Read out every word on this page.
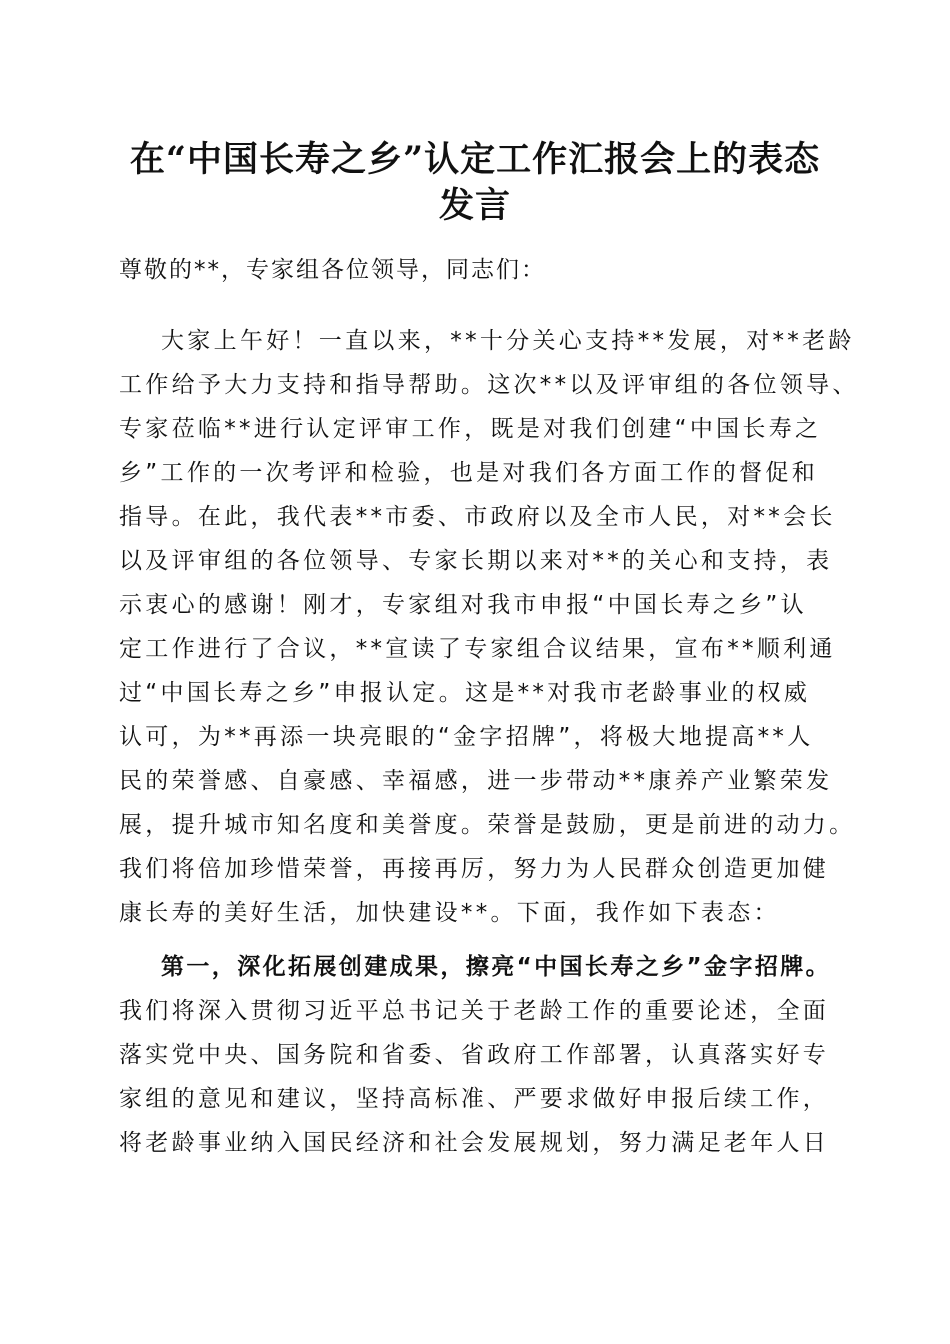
在“中国长寿之乡”认定工作汇报会上的表态
发言
尊敬的**，专家组各位领导，同志们：
大家上午好！一直以来，**十分关心支持**发展，对**老龄
工作给予大力支持和指导帮助。这次**以及评审组的各位领导、
专家莅临**进行认定评审工作，既是对我们创建“中国长寿之
乡”工作的一次考评和检验，也是对我们各方面工作的督促和
指导。在此，我代表**市委、市政府以及全市人民，对**会长
以及评审组的各位领导、专家长期以来对**的关心和支持，表
示衷心的感谢！刚才，专家组对我市申报“中国长寿之乡”认
定工作进行了合议，**宣读了专家组合议结果，宣布**顺利通
过“中国长寿之乡”申报认定。这是**对我市老龄事业的权威
认可，为**再添一块亮眼的“金字招牌”，将极大地提高**人
民的荣誉感、自豪感、幸福感，进一步带动**康养产业繁荣发
展，提升城市知名度和美誉度。荣誉是鼓励，更是前进的动力。
我们将倍加珍惜荣誉，再接再厉，努力为人民群众创造更加健
康长寿的美好生活，加快建设**。下面，我作如下表态：
第一，深化拓展创建成果，擦亮“中国长寿之乡”金字招牌。
我们将深入贯彻习近平总书记关于老龄工作的重要论述，全面
落实党中央、国务院和省委、省政府工作部署，认真落实好专
家组的意见和建议，坚持高标准、严要求做好申报后续工作，
将老龄事业纳入国民经济和社会发展规划，努力满足老年人日
